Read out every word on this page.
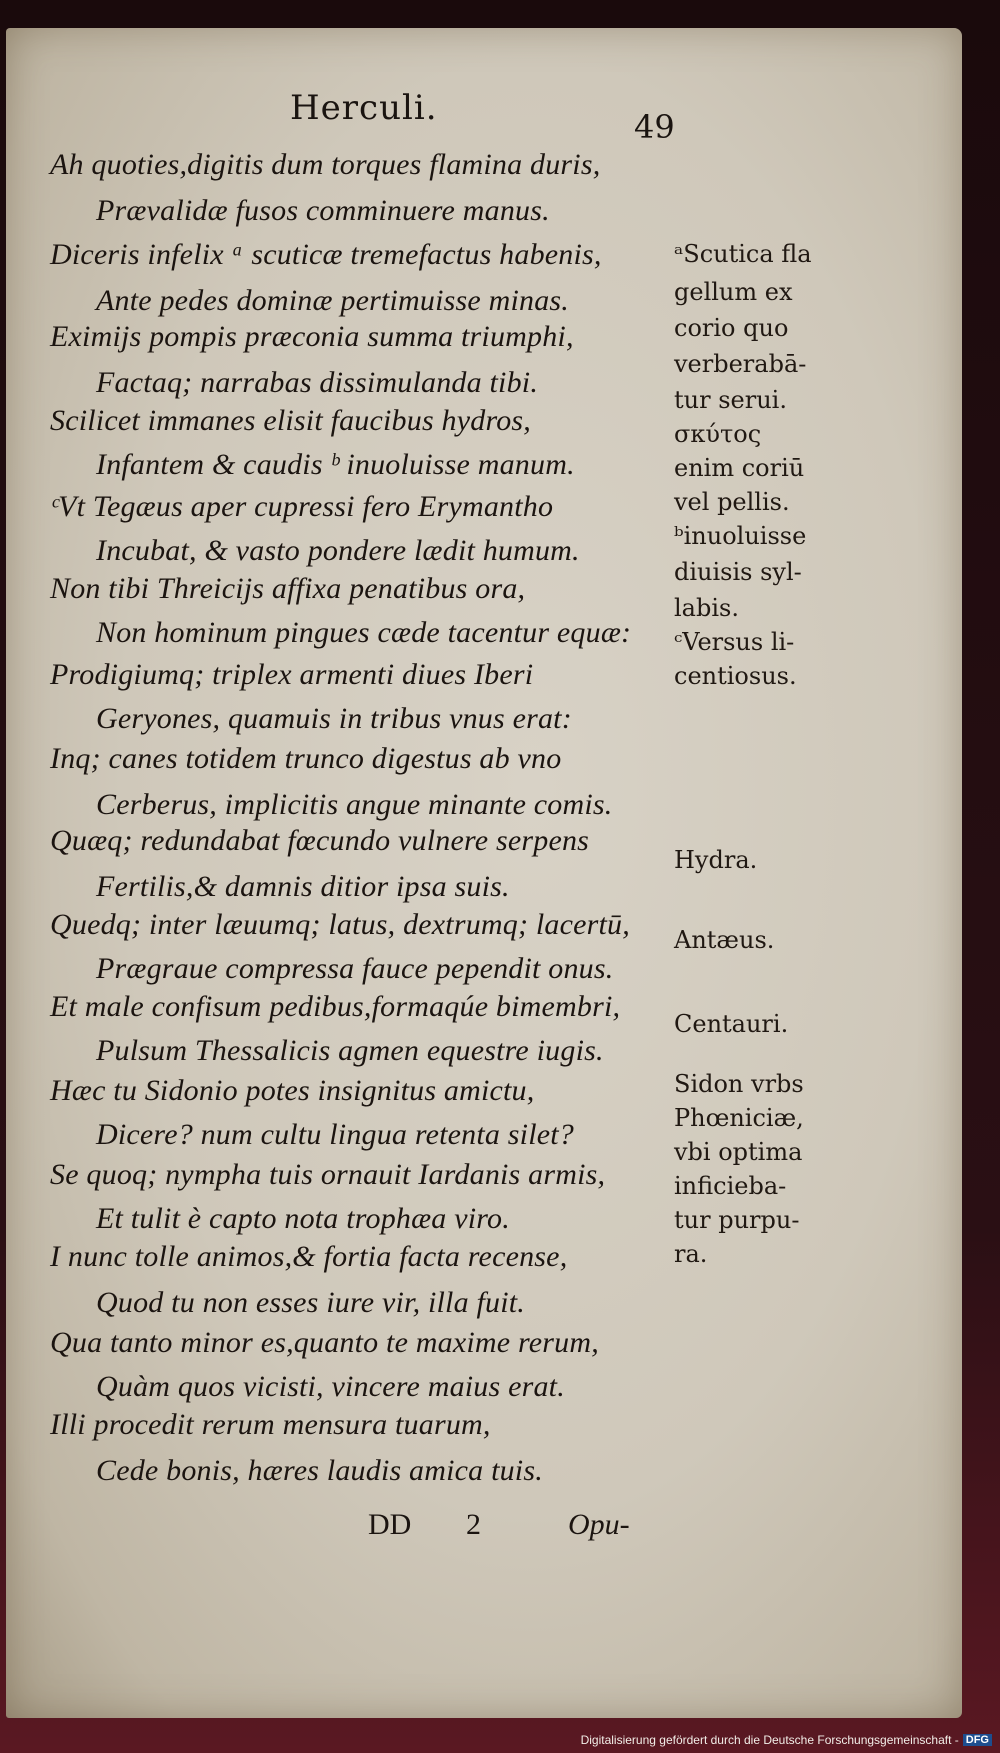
Herculi.	49
Ah quoties,digitis dum torques flamina duris,
Prævalidæ fusos comminuere manus.
Diceris infelix ᵃ scuticæ tremefactus habenis,
Ante pedes dominæ pertimuisse minas.
Eximijs pompis præconia summa triumphi,
Factaq; narrabas dissimulanda tibi.
Scilicet immanes elisit faucibus hydros,
Infantem & caudis ᵇ inuoluisse manum.
ᶜVt Tegæus aper cupressi fero Erymantho
Incubat, & vasto pondere lædit humum.
Non tibi Threicijs affixa penatibus ora,
Non hominum pingues cæde tacentur equæ:
Prodigiumq; triplex armenti diues Iberi
Geryones, quamuis in tribus vnus erat:
Inq; canes totidem trunco digestus ab vno
Cerberus, implicitis angue minante comis.
Quæq; redundabat fœcundo vulnere serpens
Fertilis,& damnis ditior ipsa suis.
Quedq; inter læuumq; latus, dextrumq; lacertū,
Prægraue compressa fauce pependit onus.
Et male confisum pedibus,formaqúe bimembri,
Pulsum Thessalicis agmen equestre iugis.
Hæc tu Sidonio potes insignitus amictu,
Dicere? num cultu lingua retenta silet?
Se quoq; nympha tuis ornauit Iardanis armis,
Et tulit è capto nota trophæa viro.
I nunc tolle animos,& fortia facta recense,
Quod tu non esses iure vir, illa fuit.
Qua tanto minor es,quanto te maxime rerum,
Quàm quos vicisti, vincere maius erat.
Illi procedit rerum mensura tuarum,
Cede bonis, hæres laudis amica tuis.
ᵃScutica fla
gellum ex
corio quo
verberabā-
tur serui.
σκύτος
enim coriū
vel pellis.
ᵇinuoluisse
diuisis syl-
labis.
ᶜVersus li-
centiosus.
Hydra.
Antæus.
Centauri.
Sidon vrbs
Phœniciæ,
vbi optima
inficieba-
tur purpu-
ra.
DD 2	Opu-
Digitalisierung gefördert durch die Deutsche Forschungsgemeinschaft - DFG
